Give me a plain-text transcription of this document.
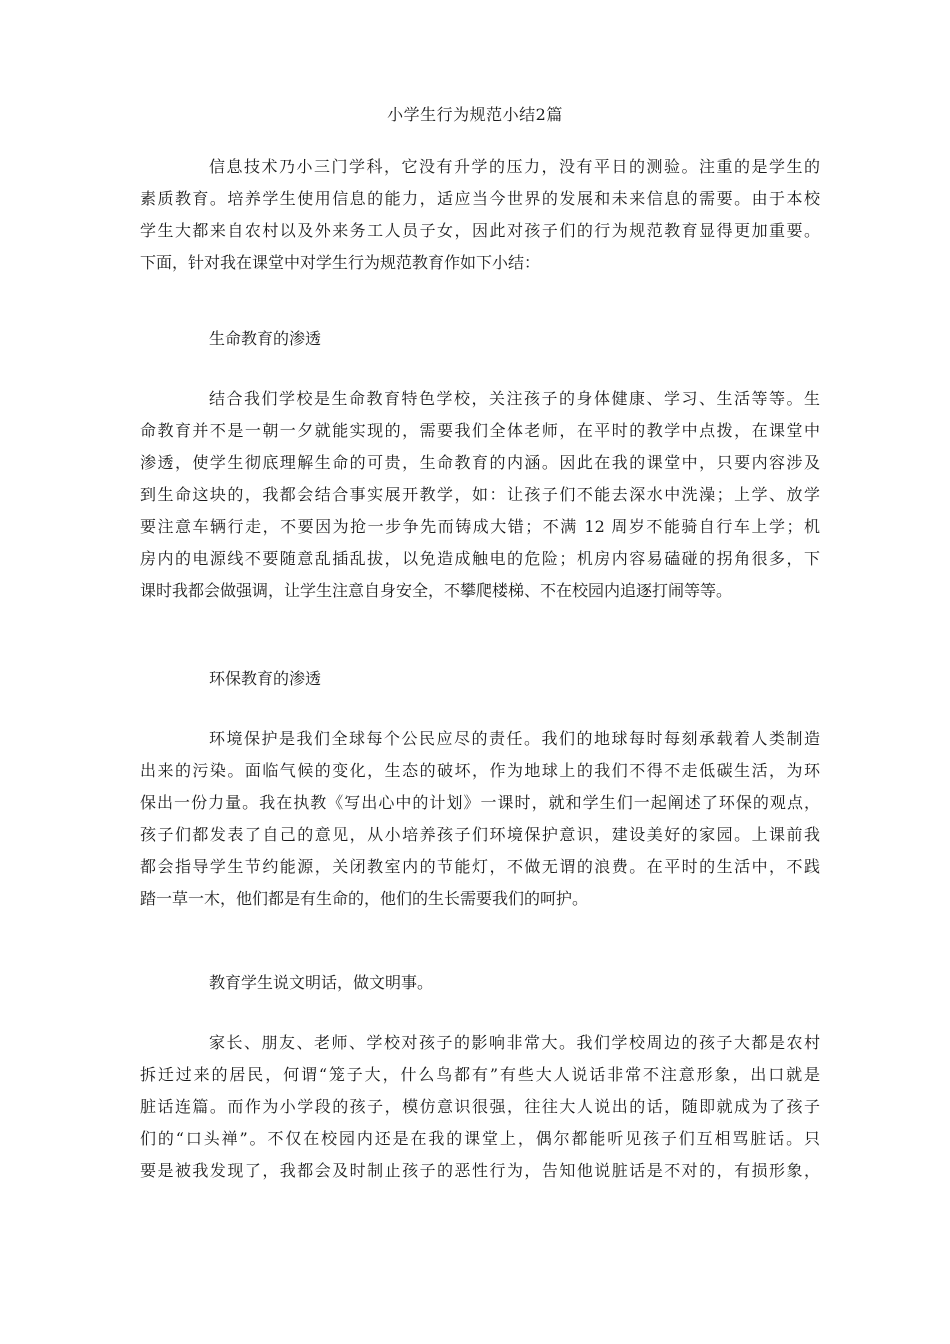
小学生行为规范小结2篇
信息技术乃小三门学科，它没有升学的压力，没有平日的测验。注重的是学生的
素质教育。培养学生使用信息的能力，适应当今世界的发展和未来信息的需要。由于本校
学生大都来自农村以及外来务工人员子女，因此对孩子们的行为规范教育显得更加重要。
下面，针对我在课堂中对学生行为规范教育作如下小结：
生命教育的渗透
结合我们学校是生命教育特色学校，关注孩子的身体健康、学习、生活等等。生
命教育并不是一朝一夕就能实现的，需要我们全体老师，在平时的教学中点拨，在课堂中
渗透，使学生彻底理解生命的可贵，生命教育的内涵。因此在我的课堂中，只要内容涉及
到生命这块的，我都会结合事实展开教学，如：让孩子们不能去深水中洗澡；上学、放学
要注意车辆行走，不要因为抢一步争先而铸成大错；不满 12 周岁不能骑自行车上学；机
房内的电源线不要随意乱插乱拔，以免造成触电的危险；机房内容易磕碰的拐角很多，下
课时我都会做强调，让学生注意自身安全，不攀爬楼梯、不在校园内追逐打闹等等。
环保教育的渗透
环境保护是我们全球每个公民应尽的责任。我们的地球每时每刻承载着人类制造
出来的污染。面临气候的变化，生态的破坏，作为地球上的我们不得不走低碳生活，为环
保出一份力量。我在执教《写出心中的计划》一课时，就和学生们一起阐述了环保的观点，
孩子们都发表了自己的意见，从小培养孩子们环境保护意识，建设美好的家园。上课前我
都会指导学生节约能源，关闭教室内的节能灯，不做无谓的浪费。在平时的生活中，不践
踏一草一木，他们都是有生命的，他们的生长需要我们的呵护。
教育学生说文明话，做文明事。
家长、朋友、老师、学校对孩子的影响非常大。我们学校周边的孩子大都是农村
拆迁过来的居民，何谓“笼子大，什么鸟都有”有些大人说话非常不注意形象，出口就是
脏话连篇。而作为小学段的孩子，模仿意识很强，往往大人说出的话，随即就成为了孩子
们的“口头禅”。不仅在校园内还是在我的课堂上，偶尔都能听见孩子们互相骂脏话。只
要是被我发现了，我都会及时制止孩子的恶性行为，告知他说脏话是不对的，有损形象，
